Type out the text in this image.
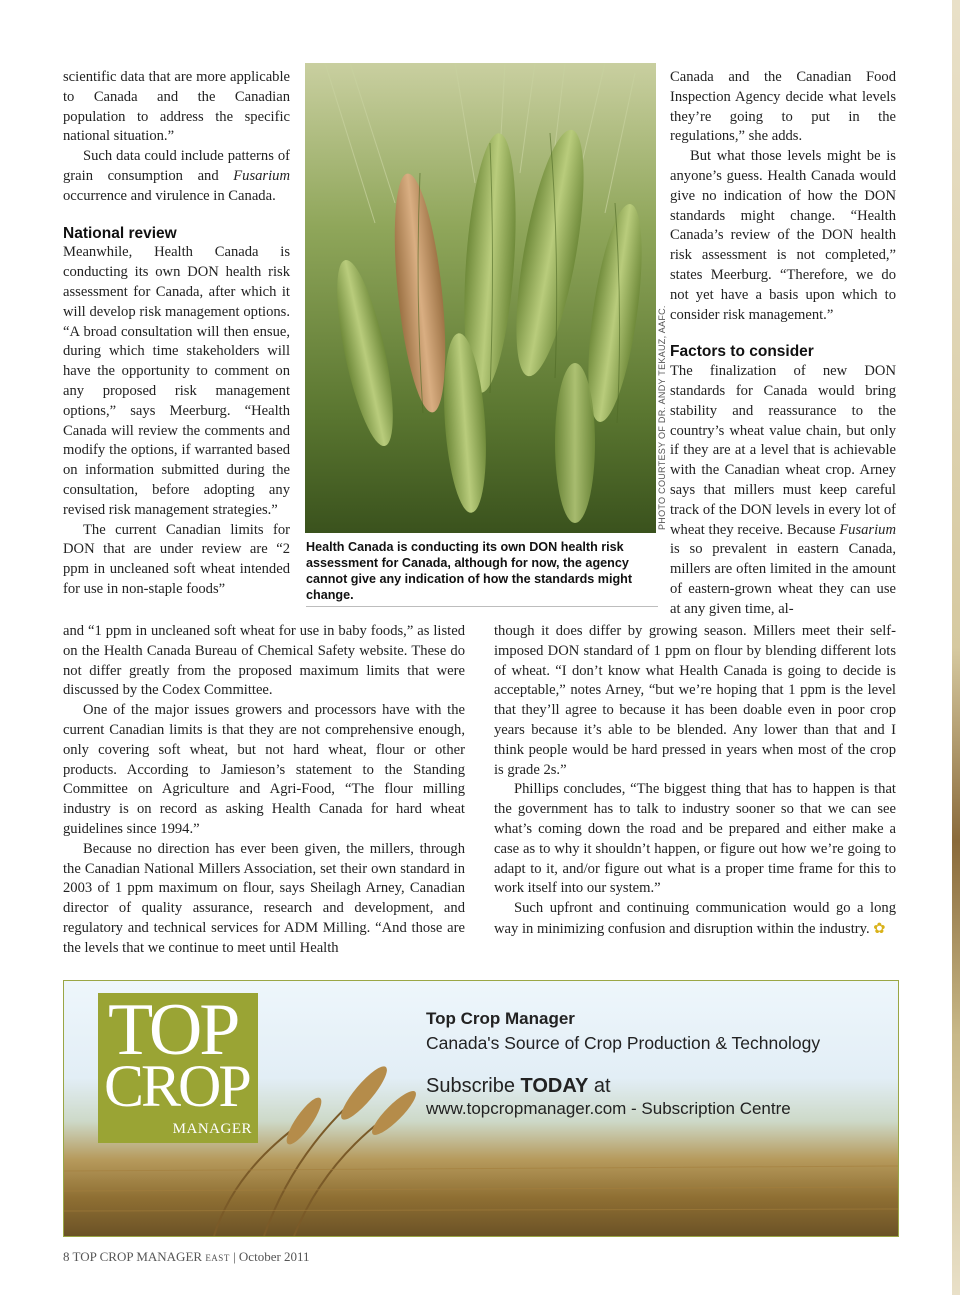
scientific data that are more applicable to Canada and the Canadian population to address the specific national situation.”

Such data could include patterns of grain consumption and Fusarium occurrence and virulence in Canada.

National review

Meanwhile, Health Canada is conducting its own DON health risk assessment for Canada, after which it will develop risk management options. “A broad consultation will then ensue, during which time stakeholders will have the opportunity to comment on any proposed risk management options,” says Meerburg. “Health Canada will review the comments and modify the options, if warranted based on information submitted during the consultation, before adopting any revised risk management strategies.”

The current Canadian limits for DON that are under review are “2 ppm in uncleaned soft wheat intended for use in non-staple foods”

PHOTO COURTESY OF DR. ANDY TEKAUZ, AAFC.
Health Canada is conducting its own DON health risk assessment for Canada, although for now, the agency cannot give any indication of how the standards might change.

Canada and the Canadian Food Inspection Agency decide what levels they’re going to put in the regulations,” she adds.

But what those levels might be is anyone’s guess. Health Canada would give no indication of how the DON standards might change. “Health Canada’s review of the DON health risk assessment is not completed,” states Meerburg. “Therefore, we do not yet have a basis upon which to consider risk management.”

Factors to consider

The finalization of new DON standards for Canada would bring stability and reassurance to the country’s wheat value chain, but only if they are at a level that is achievable with the Canadian wheat crop. Arney says that millers must keep careful track of the DON levels in every lot of wheat they receive. Because Fusarium is so prevalent in eastern Canada, millers are often limited in the amount of eastern-grown wheat they can use at any given time, al-

and “1 ppm in uncleaned soft wheat for use in baby foods,” as listed on the Health Canada Bureau of Chemical Safety website. These do not differ greatly from the proposed maximum limits that were discussed by the Codex Committee.

One of the major issues growers and processors have with the current Canadian limits is that they are not comprehensive enough, only covering soft wheat, but not hard wheat, flour or other products. According to Jamieson’s statement to the Standing Committee on Agriculture and Agri-Food, “The flour milling industry is on record as asking Health Canada for hard wheat guidelines since 1994.”

Because no direction has ever been given, the millers, through the Canadian National Millers Association, set their own standard in 2003 of 1 ppm maximum on flour, says Sheilagh Arney, Canadian director of quality assurance, research and development, and regulatory and technical services for ADM Milling. “And those are the levels that we continue to meet until Health

though it does differ by growing season. Millers meet their self-imposed DON standard of 1 ppm on flour by blending different lots of wheat. “I don’t know what Health Canada is going to decide is acceptable,” notes Arney, “but we’re hoping that 1 ppm is the level that they’ll agree to because it has been doable even in poor crop years because it’s able to be blended. Any lower than that and I think people would be hard pressed in years when most of the crop is grade 2s.”

Phillips concludes, “The biggest thing that has to happen is that the government has to talk to industry sooner so that we can see what’s coming down the road and be prepared and either make a case as to why it shouldn’t happen, or figure out how we’re going to adapt to it, and/or figure out what is a proper time frame for this to work itself into our system.”

Such upfront and continuing communication would go a long way in minimizing confusion and disruption within the industry. ✿

TOP
CROP
MANAGER
Top Crop Manager
Canada's Source of Crop Production & Technology
Subscribe TODAY at
www.topcropmanager.com - Subscription Centre
8 TOP CROP MANAGER EAST | October 2011
